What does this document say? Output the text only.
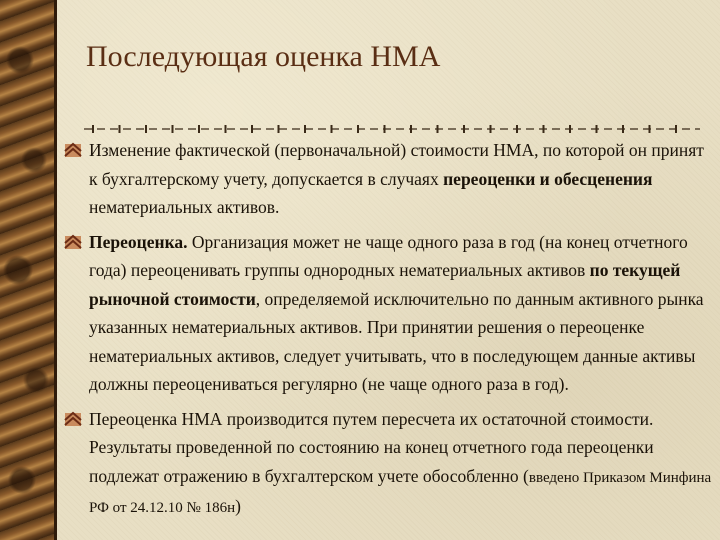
Последующая оценка НМА
Изменение фактической (первоначальной) стоимости НМА, по которой он принят к бухгалтерскому учету, допускается в случаях переоценки и обесценения нематериальных активов.
Переоценка. Организация может не чаще одного раза в год (на конец отчетного года) переоценивать группы однородных нематериальных активов по текущей рыночной стоимости, определяемой исключительно по данным активного рынка указанных нематериальных активов. При принятии решения о переоценке нематериальных активов, следует учитывать, что в последующем данные активы должны переоцениваться регулярно (не чаще одного раза в год).
Переоценка НМА производится путем пересчета их остаточной стоимости. Результаты проведенной по состоянию на конец отчетного года переоценки подлежат отражению в бухгалтерском учете обособленно (введено Приказом Минфина РФ от 24.12.10 № 186н)
